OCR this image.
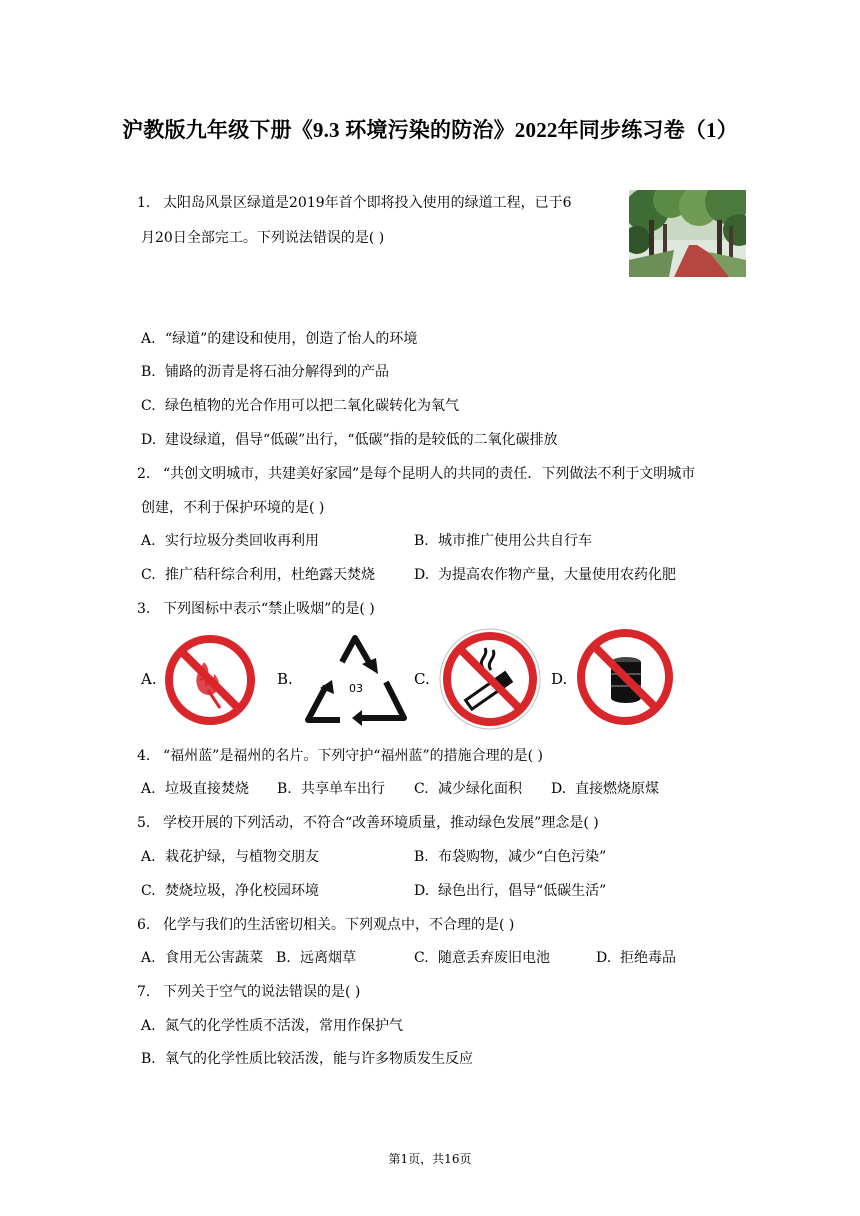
沪教版九年级下册《9.3 环境污染的防治》2022年同步练习卷（1）
1. 太阳岛风景区绿道是2019年首个即将投入使用的绿道工程，已于6
月20日全部完工。下列说法错误的是( )
A. “绿道”的建设和使用，创造了怡人的环境
B. 铺路的沥青是将石油分解得到的产品
C. 绿色植物的光合作用可以把二氧化碳转化为氧气
D. 建设绿道，倡导“低碳”出行，“低碳”指的是较低的二氧化碳排放
2. “共创文明城市，共建美好家园”是每个昆明人的共同的责任．下列做法不利于文明城市
创建，不利于保护环境的是( )
A. 实行垃圾分类回收再利用	B. 城市推广使用公共自行车
C. 推广秸秆综合利用，杜绝露天焚烧	D. 为提高农作物产量，大量使用农药化肥
3. 下列图标中表示“禁止吸烟”的是( )
A.	B.
03
C.	D.
4. “福州蓝”是福州的名片。下列守护“福州蓝”的措施合理的是( )
A. 垃圾直接焚烧 B. 共享单车出行 C. 减少绿化面积 D. 直接燃烧原煤
5. 学校开展的下列活动，不符合“改善环境质量，推动绿色发展”理念是( )
A. 栽花护绿，与植物交朋友	B. 布袋购物，减少“白色污染”
C. 焚烧垃圾，净化校园环境	D. 绿色出行，倡导“低碳生活”
6. 化学与我们的生活密切相关。下列观点中，不合理的是( )
A. 食用无公害蔬菜 B. 远离烟草	C. 随意丢弃废旧电池	D. 拒绝毒品
7. 下列关于空气的说法错误的是( )
A. 氮气的化学性质不活泼，常用作保护气
B. 氧气的化学性质比较活泼，能与许多物质发生反应
第1页，共16页
